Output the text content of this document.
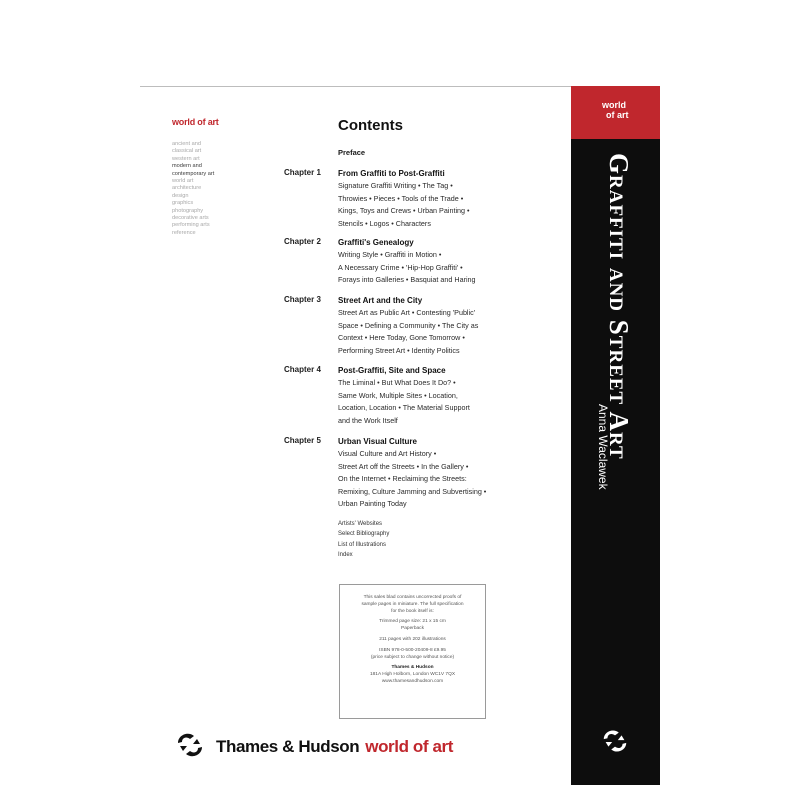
world of art
ancient and
classical art
western art
modern and
contemporary art
world art
architecture
design
graphics
photography
decorative arts
performing arts
reference
Contents
Preface
Chapter 1 From Graffiti to Post-Graffiti
Signature Graffiti Writing • The Tag •
Throwies • Pieces • Tools of the Trade •
Kings, Toys and Crews • Urban Painting •
Stencils • Logos • Characters
Chapter 2 Graffiti's Genealogy
Writing Style • Graffiti in Motion •
A Necessary Crime • 'Hip-Hop Graffiti' •
Forays into Galleries • Basquiat and Haring
Chapter 3 Street Art and the City
Street Art as Public Art • Contesting 'Public'
Space • Defining a Community • The City as
Context • Here Today, Gone Tomorrow •
Performing Street Art • Identity Politics
Chapter 4 Post-Graffiti, Site and Space
The Liminal • But What Does It Do? •
Same Work, Multiple Sites • Location,
Location, Location • The Material Support
and the Work Itself
Chapter 5 Urban Visual Culture
Visual Culture and Art History •
Street Art off the Streets • In the Gallery •
On the Internet • Reclaiming the Streets:
Remixing, Culture Jamming and Subvertising •
Urban Painting Today
Artists' Websites
Select Bibliography
List of Illustrations
Index
This sales blad contains uncorrected proofs of
sample pages in miniature. The full specification
for the book itself is:
Trimmed page size: 21 x 15 cm
Paperback
211 pages with 202 illustrations
ISBN 978-0-500-20409-8 £9.95
(price subject to change without notice)
Thames & Hudson
181A High Holborn, London WC1V 7QX
www.thamesandhudson.com
Thames & Hudson world of art
world
of art
Graffiti and Street Art
Anna Waclawek
